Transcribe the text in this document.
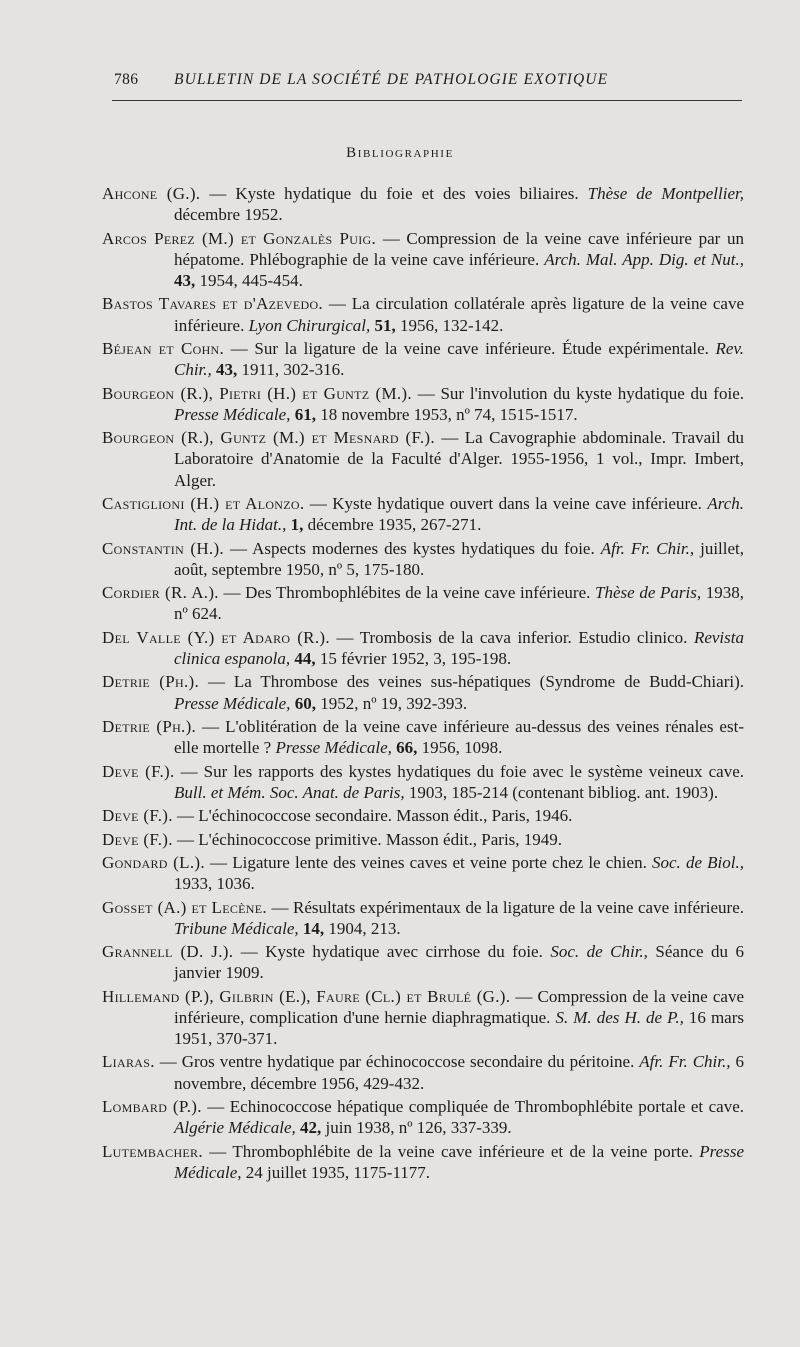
786 BULLETIN DE LA SOCIÉTÉ DE PATHOLOGIE EXOTIQUE
Bibliographie

Ahcone (G.). — Kyste hydatique du foie et des voies biliaires. Thèse de Montpellier, décembre 1952.

Arcos Perez (M.) et Gonzalès Puig. — Compression de la veine cave inférieure par un hépatome. Phlébographie de la veine cave inférieure. Arch. Mal. App. Dig. et Nut., 43, 1954, 445-454.

Bastos Tavares et d'Azevedo. — La circulation collatérale après ligature de la veine cave inférieure. Lyon Chirurgical, 51, 1956, 132-142.

Béjean et Cohn. — Sur la ligature de la veine cave inférieure. Étude expérimentale. Rev. Chir., 43, 1911, 302-316.

Bourgeon (R.), Pietri (H.) et Guntz (M.). — Sur l'involution du kyste hydatique du foie. Presse Médicale, 61, 18 novembre 1953, nº 74, 1515-1517.

Bourgeon (R.), Guntz (M.) et Mesnard (F.). — La Cavographie abdominale. Travail du Laboratoire d'Anatomie de la Faculté d'Alger. 1955-1956, 1 vol., Impr. Imbert, Alger.

Castiglioni (H.) et Alonzo. — Kyste hydatique ouvert dans la veine cave inférieure. Arch. Int. de la Hidat., 1, décembre 1935, 267-271.

Constantin (H.). — Aspects modernes des kystes hydatiques du foie. Afr. Fr. Chir., juillet, août, septembre 1950, nº 5, 175-180.

Cordier (R. A.). — Des Thrombophlébites de la veine cave inférieure. Thèse de Paris, 1938, nº 624.

Del Valle (Y.) et Adaro (R.). — Trombosis de la cava inferior. Estudio clinico. Revista clinica espanola, 44, 15 février 1952, 3, 195-198.

Detrie (Ph.). — La Thrombose des veines sus-hépatiques (Syndrome de Budd-Chiari). Presse Médicale, 60, 1952, nº 19, 392-393.

Detrie (Ph.). — L'oblitération de la veine cave inférieure au-dessus des veines rénales est-elle mortelle ? Presse Médicale, 66, 1956, 1098.

Deve (F.). — Sur les rapports des kystes hydatiques du foie avec le système veineux cave. Bull. et Mém. Soc. Anat. de Paris, 1903, 185-214 (contenant bibliog. ant. 1903).

Deve (F.). — L'échinococcose secondaire. Masson édit., Paris, 1946.

Deve (F.). — L'échinococcose primitive. Masson édit., Paris, 1949.

Gondard (L.). — Ligature lente des veines caves et veine porte chez le chien. Soc. de Biol., 1933, 1036.

Gosset (A.) et Lecène. — Résultats expérimentaux de la ligature de la veine cave inférieure. Tribune Médicale, 14, 1904, 213.

Grannell (D. J.). — Kyste hydatique avec cirrhose du foie. Soc. de Chir., Séance du 6 janvier 1909.

Hillemand (P.), Gilbrin (E.), Faure (Cl.) et Brulé (G.). — Compression de la veine cave inférieure, complication d'une hernie diaphragmatique. S. M. des H. de P., 16 mars 1951, 370-371.

Liaras. — Gros ventre hydatique par échinococcose secondaire du péritoine. Afr. Fr. Chir., 6 novembre, décembre 1956, 429-432.

Lombard (P.). — Echinococcose hépatique compliquée de Thrombophlébite portale et cave. Algérie Médicale, 42, juin 1938, nº 126, 337-339.

Lutembacher. — Thrombophlébite de la veine cave inférieure et de la veine porte. Presse Médicale, 24 juillet 1935, 1175-1177.
